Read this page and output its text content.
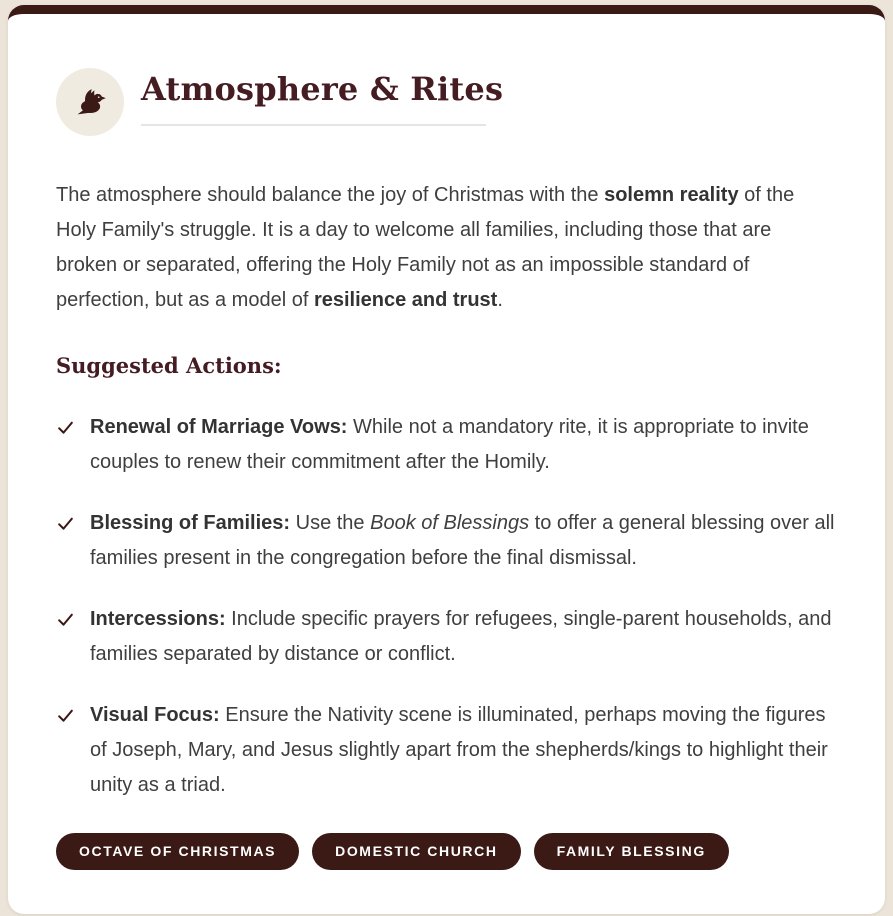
Atmosphere & Rites

The atmosphere should balance the joy of Christmas with the solemn reality of the Holy Family's struggle. It is a day to welcome all families, including those that are broken or separated, offering the Holy Family not as an impossible standard of perfection, but as a model of resilience and trust.

Suggested Actions:
Renewal of Marriage Vows: While not a mandatory rite, it is appropriate to invite couples to renew their commitment after the Homily.
Blessing of Families: Use the Book of Blessings to offer a general blessing over all families present in the congregation before the final dismissal.
Intercessions: Include specific prayers for refugees, single-parent households, and families separated by distance or conflict.
Visual Focus: Ensure the Nativity scene is illuminated, perhaps moving the figures of Joseph, Mary, and Jesus slightly apart from the shepherds/kings to highlight their unity as a triad.
OCTAVE OF CHRISTMAS	DOMESTIC CHURCH	FAMILY BLESSING
